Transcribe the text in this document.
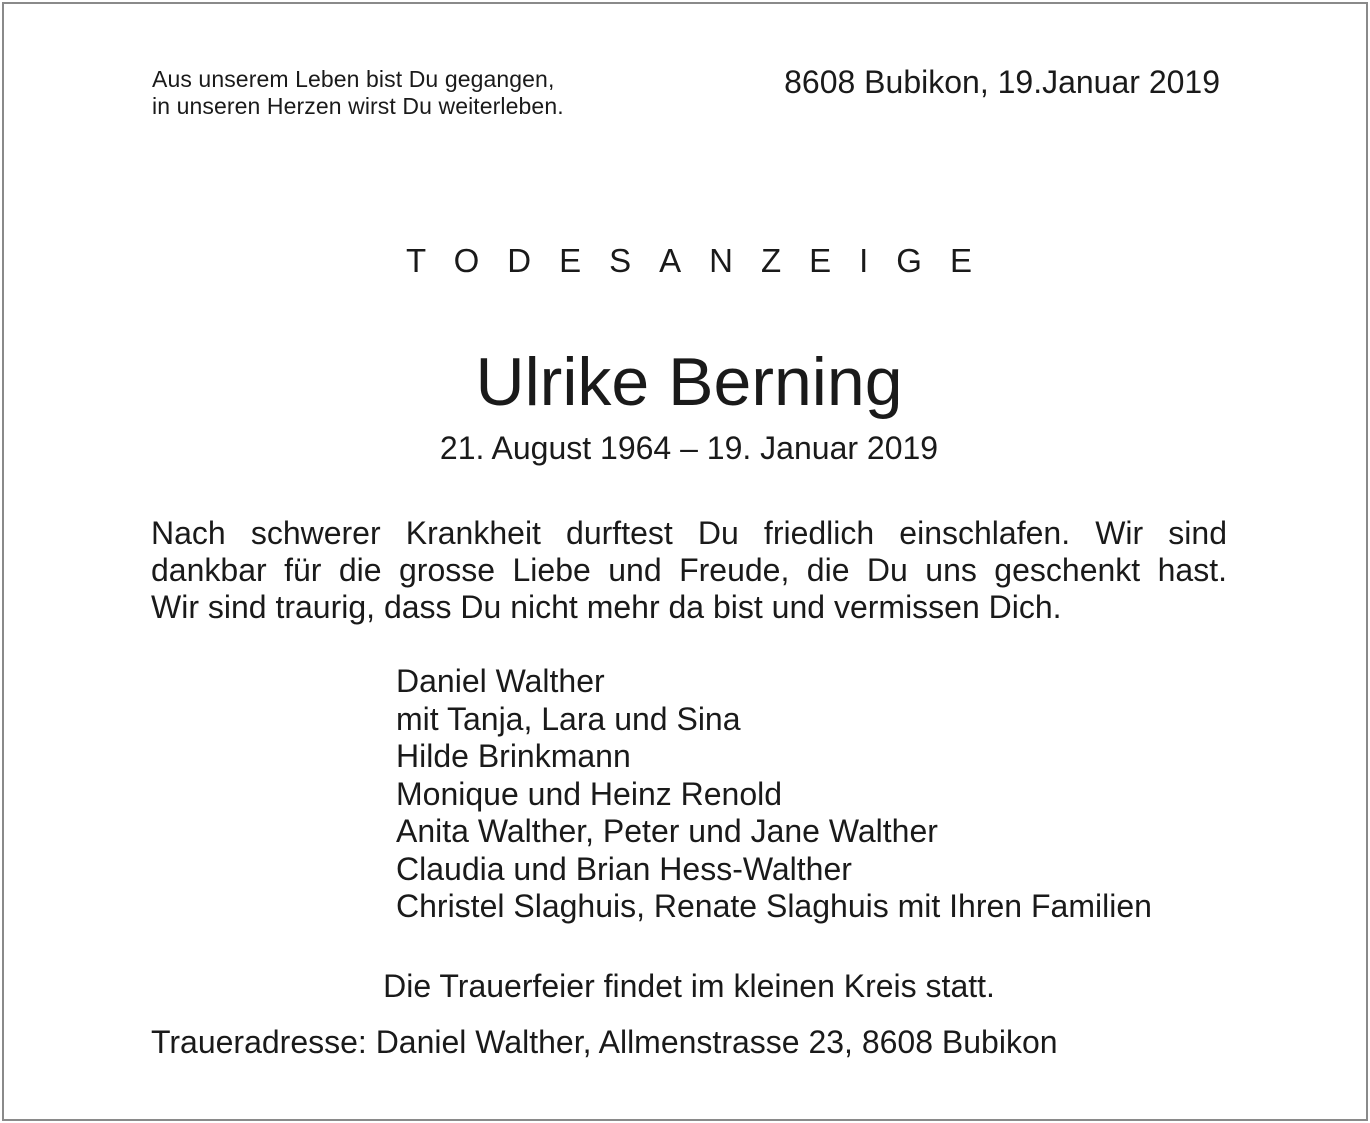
Aus unserem Leben bist Du gegangen,
in unseren Herzen wirst Du weiterleben.
8608 Bubikon, 19.Januar 2019
TODESANZEIGE
Ulrike Berning
21. August 1964 – 19. Januar 2019
Nach schwerer Krankheit durftest Du friedlich einschlafen. Wir sind
dankbar für die grosse Liebe und Freude, die Du uns geschenkt hast.
Wir sind traurig, dass Du nicht mehr da bist und vermissen Dich.
Daniel Walther
mit Tanja, Lara und Sina
Hilde Brinkmann
Monique und Heinz Renold
Anita Walther, Peter und Jane Walther
Claudia und Brian Hess-Walther
Christel Slaghuis, Renate Slaghuis mit Ihren Familien
Die Trauerfeier findet im kleinen Kreis statt.
Traueradresse: Daniel Walther, Allmenstrasse 23, 8608 Bubikon
